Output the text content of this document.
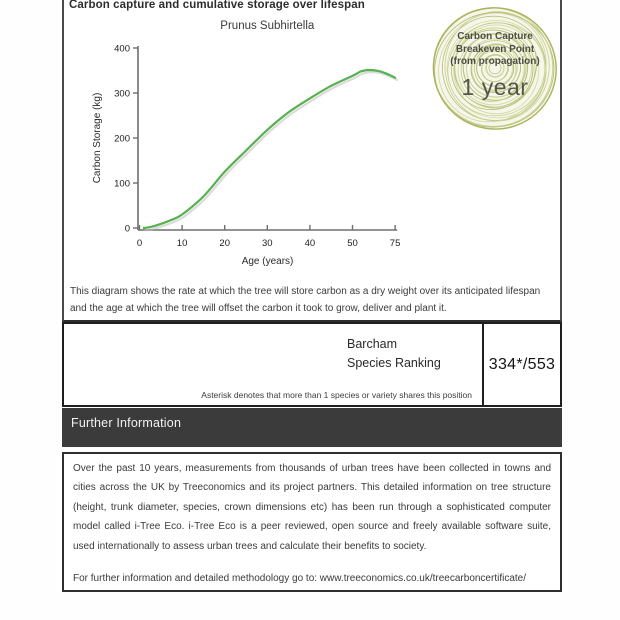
Carbon capture and cumulative storage over lifespan
Prunus Subhirtella
0
100
200
300
400
0	10	20	30	40	50	75
Age (years)
Carbon Storage (kg)
Carbon Capture
Breakeven Point
(from propagation)
1 year
This diagram shows the rate at which the tree will store carbon as a dry weight over its anticipated lifespan and the age at which the tree will offset the carbon it took to grow, deliver and plant it.
Barcham
Species Ranking
Asterisk denotes that more than 1 species or variety shares this position
334*/553
Further Information

Over the past 10 years, measurements from thousands of urban trees have been collected in towns and cities across the UK by Treeconomics and its project partners. This detailed information on tree structure (height, trunk diameter, species, crown dimensions etc) has been run through a sophisticated computer model called i-Tree Eco. i-Tree Eco is a peer reviewed, open source and freely available software suite, used internationally to assess urban trees and calculate their benefits to society.

For further information and detailed methodology go to: www.treeconomics.co.uk/treecarboncertificate/
